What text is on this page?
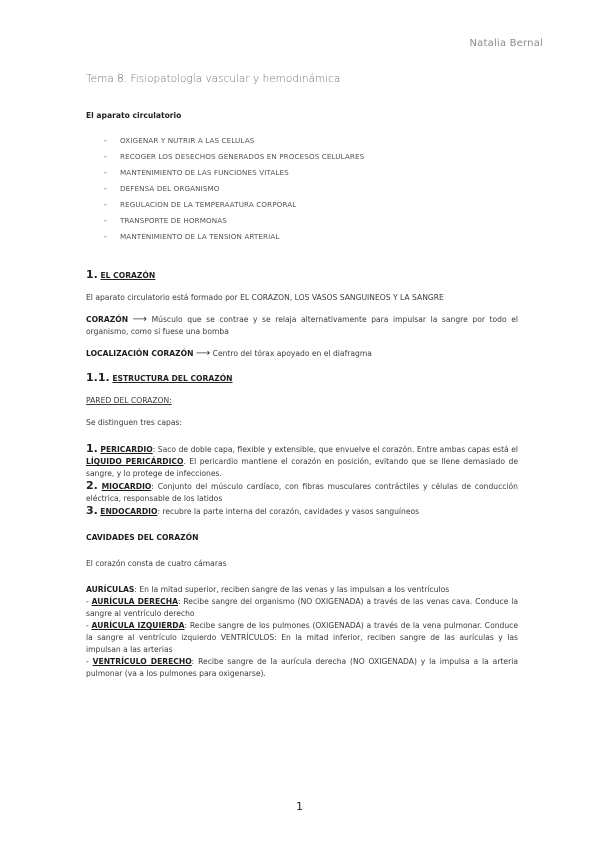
Natalia Bernal
Tema 8. Fisiopatología vascular y hemodinámica
El aparato circulatorio
- OXIGENAR Y NUTRIR A LAS CELULAS
- RECOGER LOS DESECHOS GENERADOS EN PROCESOS CELULARES
- MANTENIMIENTO DE LAS FUNCIONES VITALES
- DEFENSA DEL ORGANISMO
- REGULACION DE LA TEMPERAATURA CORPORAL
- TRANSPORTE DE HORMONAS
- MANTENIMIENTO DE LA TENSION ARTERIAL
1. EL CORAZÓN
El aparato circulatorio está formado por EL CORAZON, LOS VASOS SANGUINEOS Y LA SANGRE
CORAZÓN ⟶ Músculo que se contrae y se relaja alternativamente para impulsar la sangre por todo el organismo, como si fuese una bomba
LOCALIZACIÓN CORAZÓN ⟶ Centro del tórax apoyado en el diafragma
1.1. ESTRUCTURA DEL CORAZÓN
PARED DEL CORAZON:
Se distinguen tres capas:
1. PERICARDIO: Saco de doble capa, flexible y extensible, que envuelve el corazón. Entre ambas capas está el LÍQUIDO PERICÁRDICO. El pericardio mantiene el corazón en posición, evitando que se llene demasiado de sangre, y lo protege de infecciones.
2. MIOCARDIO: Conjunto del músculo cardíaco, con fibras musculares contráctiles y células de conducción eléctrica, responsable de los latidos
3. ENDOCARDIO: recubre la parte interna del corazón, cavidades y vasos sanguíneos
CAVIDADES DEL CORAZÓN
El corazón consta de cuatro cámaras
AURÍCULAS: En la mitad superior, reciben sangre de las venas y las impulsan a los ventrículos
- AURÍCULA DERECHA: Recibe sangre del organismo (NO OXIGENADA) a través de las venas cava. Conduce la sangre al ventrículo derecho
- AURÍCULA IZQUIERDA: Recibe sangre de los pulmones (OXIGENADA) a través de la vena pulmonar. Conduce la sangre al ventrículo izquierdo VENTRÍCULOS: En la mitad inferior, reciben sangre de las aurículas y las impulsan a las arterias
- VENTRÍCULO DERECHO: Recibe sangre de la aurícula derecha (NO OXIGENADA) y la impulsa a la arteria pulmonar (va a los pulmones para oxigenarse).
1
